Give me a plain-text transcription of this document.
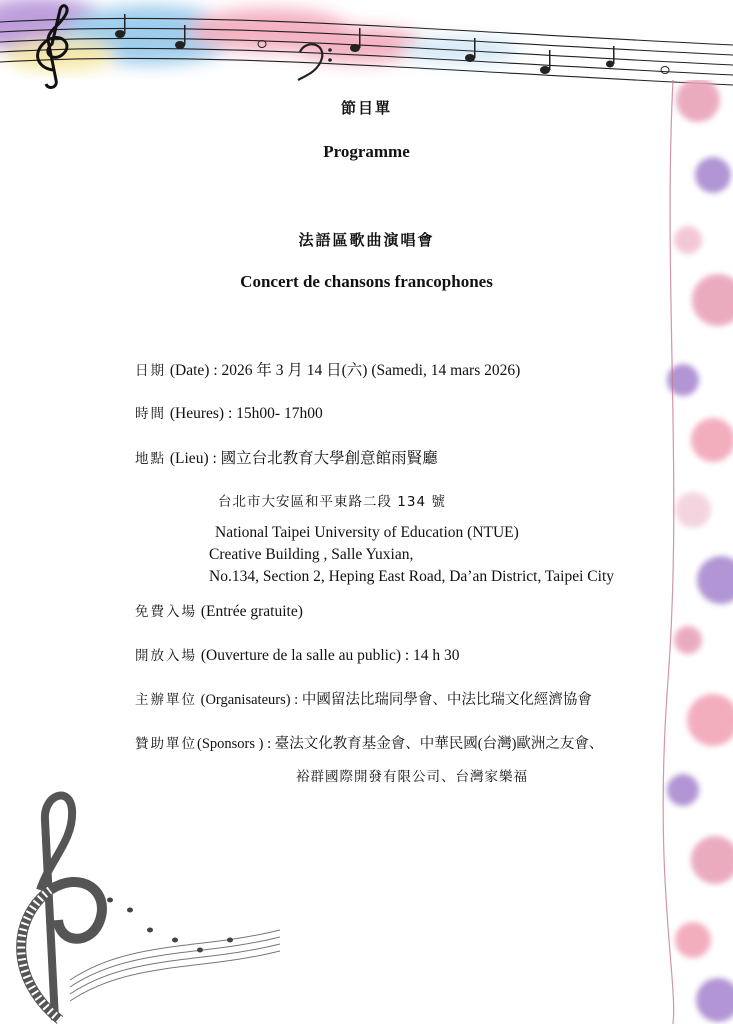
節目單
Programme
法語區歌曲演唱會
Concert de chansons francophones
日期 (Date) : 2026 年 3 月 14 日(六) (Samedi, 14 mars 2026)
時間 (Heures) : 15h00- 17h00
地點 (Lieu) : 國立台北教育大學創意館雨賢廳
台北市大安區和平東路二段 134 號
National Taipei University of Education (NTUE)
Creative Building , Salle Yuxian,
No.134, Section 2, Heping East Road, Da’an District, Taipei City
免費入場 (Entrée gratuite)
開放入場 (Ouverture de la salle au public) : 14 h 30
主辦單位 (Organisateurs) : 中國留法比瑞同學會、中法比瑞文化經濟協會
贊助單位(Sponsors ) : 臺法文化教育基金會、中華民國(台灣)歐洲之友會、
裕群國際開發有限公司、台灣家樂福
